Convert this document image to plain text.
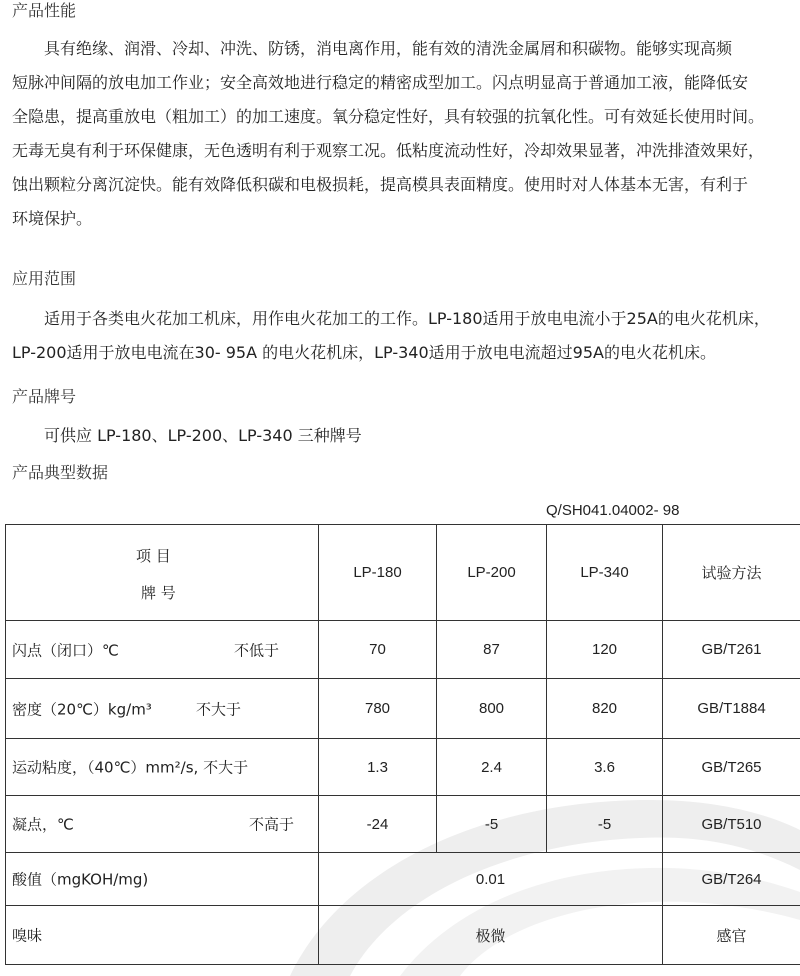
产品性能
　　具有绝缘、润滑、冷却、冲洗、防锈，消电离作用，能有效的清洗金属屑和积碳物。能够实现高频
短脉冲间隔的放电加工作业；安全高效地进行稳定的精密成型加工。闪点明显高于普通加工液，能降低安
全隐患，提高重放电（粗加工）的加工速度。氧分稳定性好，具有较强的抗氧化性。可有效延长使用时间。
无毒无臭有利于环保健康，无色透明有利于观察工况。低粘度流动性好，冷却效果显著，冲洗排渣效果好，
蚀出颗粒分离沉淀快。能有效降低积碳和电极损耗，提高模具表面精度。使用时对人体基本无害，有利于
环境保护。
应用范围
　　适用于各类电火花加工机床，用作电火花加工的工作。LP-180适用于放电电流小于25A的电火花机床，
LP-200适用于放电电流在30- 95A 的电火花机床，LP-340适用于放电电流超过95A的电火花机床。
产品牌号
　　可供应 LP-180、LP-200、LP-340 三种牌号
产品典型数据
Q/SH041.04002- 98
项 目
牌 号	LP-180	LP-200	LP-340	试验方法

闪点（闭口）℃ 不低于	70	87	120	GB/T261

密度（20℃）kg/m³ 不大于	780	800	820	GB/T1884

运动粘度，（40℃）mm²/s, 不大于	1.3	2.4	3.6	GB/T265

凝点，℃ 不高于	-24	-5	-5	GB/T510

酸值（mgKOH/mg)	0.01			GB/T264

嗅味	极微			感官
